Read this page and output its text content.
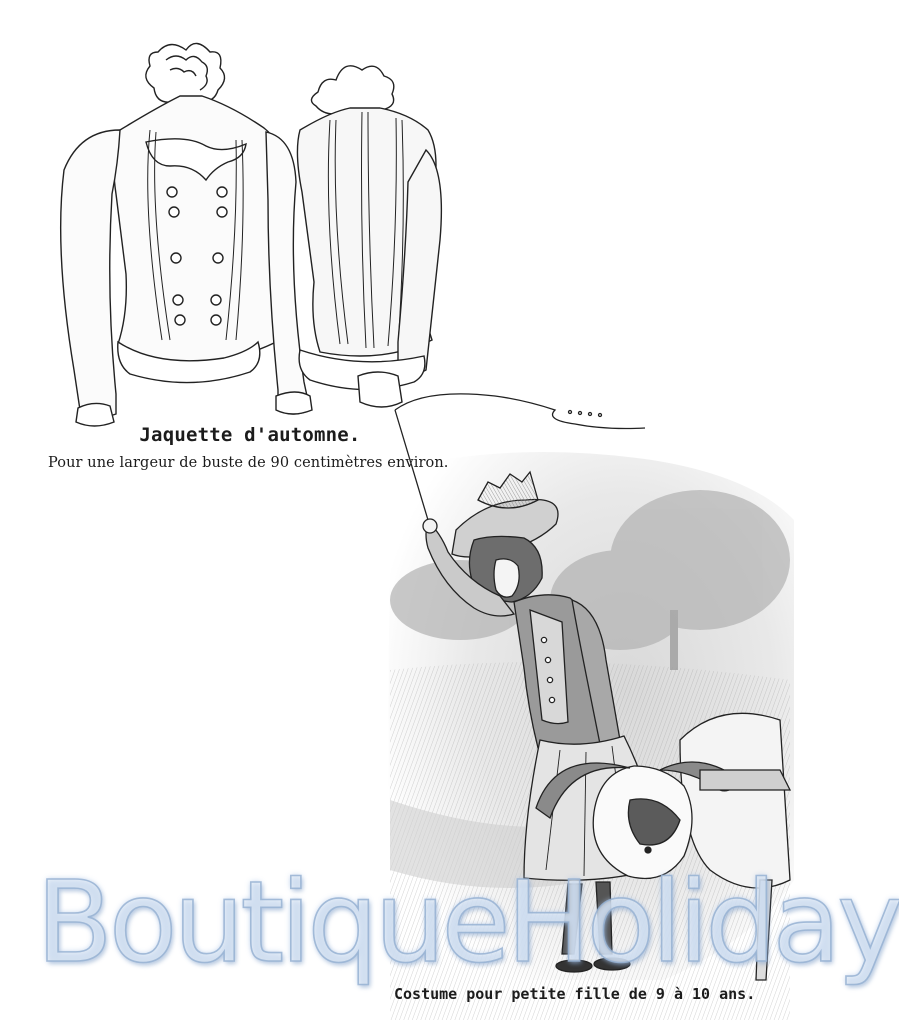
Jaquette d'automne.
Pour une largeur de buste de 90 centimètres environ.
BoutiqueHoliday
Costume pour petite fille de 9 à 10 ans.
